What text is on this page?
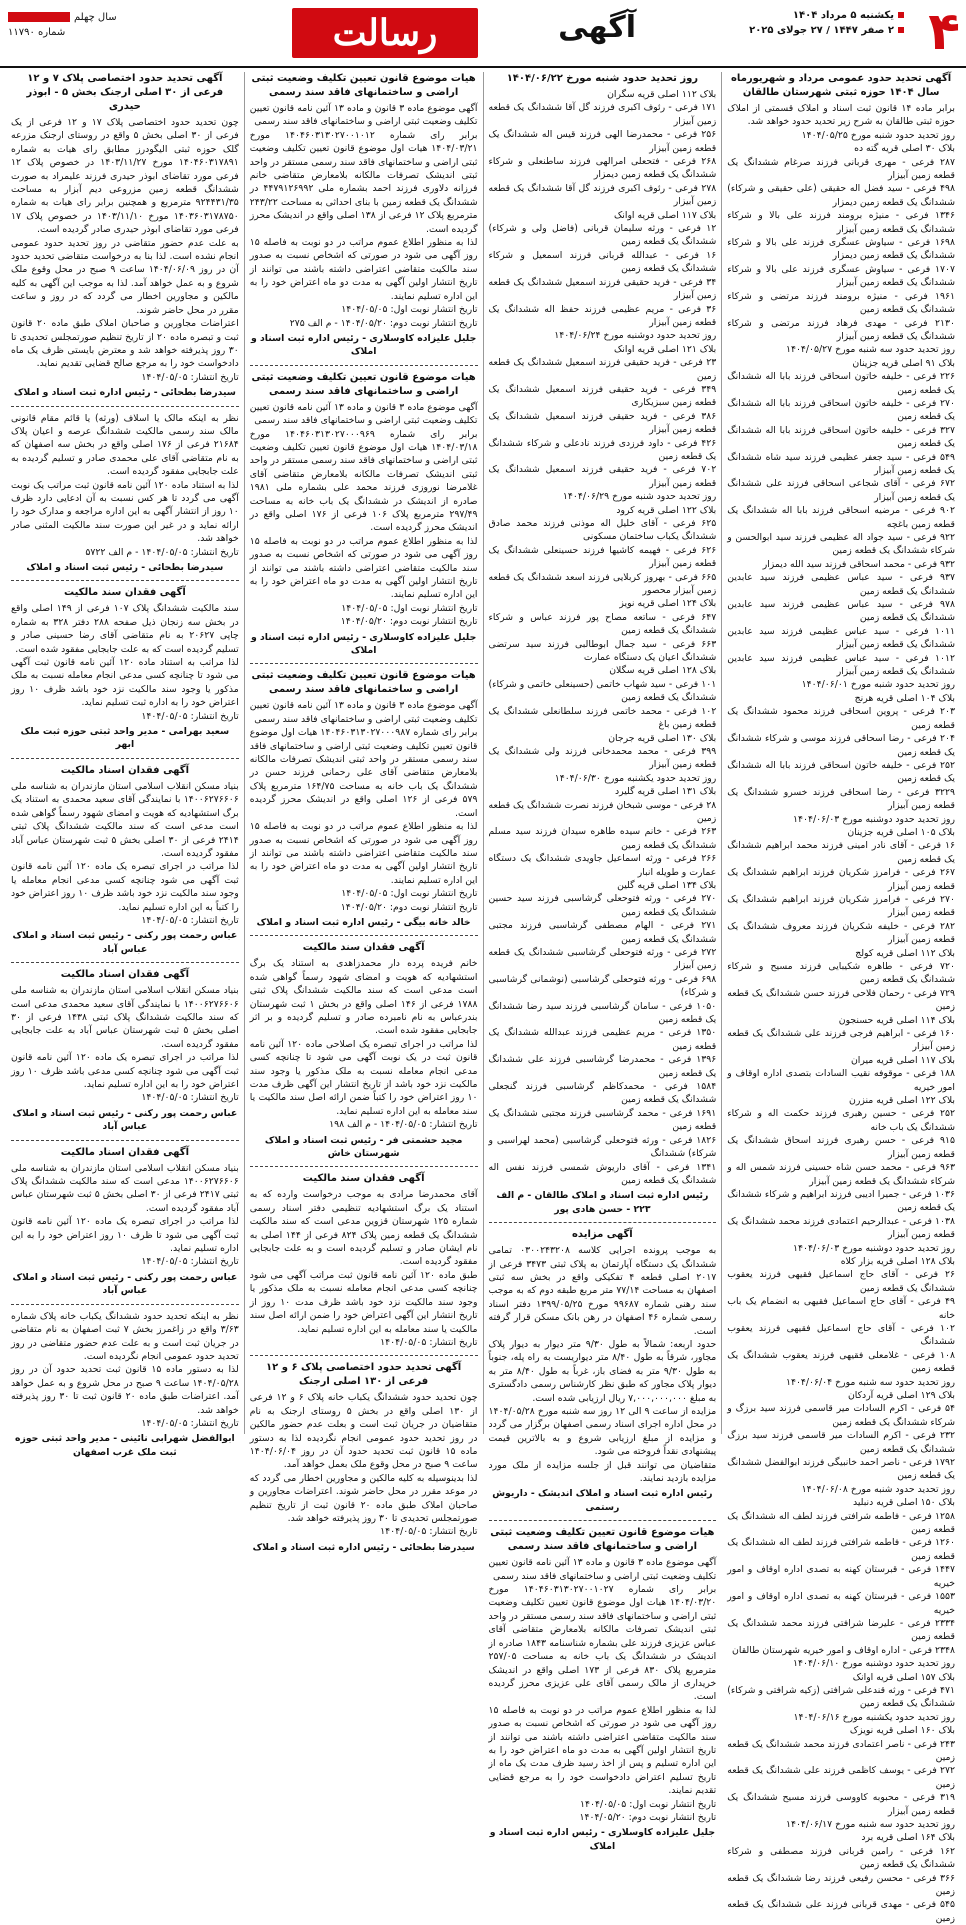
۴
یکشنبه ۵ مرداد ۱۴۰۴
۲ صفر ۱۴۴۷ / ۲۷ جولای ۲۰۲۵
آگهی
رسالت
سال چهلم
شماره ۱۱۷۹۰
آگهی تحدید حدود عمومی مرداد و شهریورماه سال ۱۴۰۴ حوزه ثبتی شهرستان طالقان

برابر ماده ۱۴ قانون ثبت اسناد و املاک قسمتی از املاک حوزه ثبتی طالقان به شرح زیر تحدید حدود خواهد شد.

روز تحدید حدود شنبه مورخ ۱۴۰۴/۰۵/۲۵

بلاک ۳۰ اصلی قریه گته ده

۲۸۷ فرعی - مهری قربانی فرزند صرغام ششدانگ یک قطعه زمین آبیزار

۴۹۸ فرعی - سید فضل اله حقیقی (علی حقیقی و شرکاء) ششدانگ یک قطعه زمین دیمزار

۱۳۴۶ فرعی - منیژه برومند فرزند علی بالا و شرکاء ششدانگ یک قطعه زمین آبیزار

۱۶۹۸ فرعی - سیاوش عسگری فرزند علی بالا و شرکاء ششدانگ یک قطعه زمین دیمزار

۱۷۰۷ فرعی - سیاوش عسگری فرزند علی بالا و شرکاء ششدانگ یک قطعه زمین آبیزار

۱۹۶۱ فرعی - منیژه برومند فرزند مرتضی و شرکاء ششدانگ یک قطعه زمین

۲۱۳۰ فرعی - مهدی فرهاد فرزند مرتضی و شرکاء ششدانگ یک قطعه زمین آبیزار

روز تحدید حدود سه شنبه مورخ ۱۴۰۴/۰۵/۲۷

بلاک ۹۱ اصلی قریه جزینان

۲۲۶ فرعی - خلیفه خاتون اسحاقی فرزند بابا اله ششدانگ یک قطعه زمین

۲۷۰ فرعی - خلیفه خاتون اسحاقی فرزند بابا اله ششدانگ یک قطعه زمین

۳۲۷ فرعی - خلیفه خاتون اسحاقی فرزند بابا اله ششدانگ یک قطعه زمین

۵۴۹ فرعی - سید جعفر عظیمی فرزند سید شاه ششدانگ یک قطعه زمین آبیزار

۶۷۲ فرعی - آقای شجاعی اسحاقی فرزند علی ششدانگ یک قطعه زمین آبیزار

۹۰۲ فرعی - مرضیه اسحاقی فرزند بابا اله ششدانگ یک قطعه زمین باغچه

۹۲۲ فرعی - سید جواد اله عظیمی فرزند سید ابوالحسن و شرکاء ششدانگ یک قطعه زمین

۹۳۲ فرعی - محمد اسحاقی فرزند سید الله دیمزار

۹۳۷ فرعی - سید عباس عظیمی فرزند سید عابدین ششدانگ یک قطعه زمین

۹۷۸ فرعی - سید عباس عظیمی فرزند سید عابدین ششدانگ یک قطعه زمین

۱۰۱۱ فرعی - سید عباس عظیمی فرزند سید عابدین ششدانگ یک قطعه زمین آبیزار

۱۰۱۲ فرعی - سید عباس عظیمی فرزند سید عابدین ششدانگ یک قطعه زمین آبیزار

روز تحدید حدود شنبه مورخ ۱۴۰۴/۰۶/۰۱

بلاک ۱۰۴ اصلی قریه هرنج

۲۰۳ فرعی - پروین اسحاقی فرزند محمود ششدانگ یک قطعه زمین

۲۰۴ فرعی - رضا اسحاقی فرزند موسی و شرکاء ششدانگ یک قطعه زمین

۲۵۲ فرعی - خلیفه خاتون اسحاقی فرزند بابا اله ششدانگ یک قطعه زمین

۳۲۲۹ فرعی - رضا اسحاقی فرزند خسرو ششدانگ یک قطعه زمین آبیزار

روز تحدید حدود دوشنبه مورخ ۱۴۰۴/۰۶/۰۳

بلاک ۱۰۵ اصلی قریه جزینان

۱۶ فرعی - آقای نادر امینی فرزند محمد ابراهیم ششدانگ یک قطعه زمین

۲۶۷ فرعی - فرامرز شکریان فرزند ابراهیم ششدانگ یک قطعه زمین آبیزار

۲۷۰ فرعی - فرامرز شکریان فرزند ابراهیم ششدانگ یک قطعه زمین آبیزار

۲۸۲ فرعی - خلیفه شکریان فرزند معروف ششدانگ یک قطعه زمین آبیزار

بلاک ۱۱۲ اصلی قریه کولج

۷۲۰ فرعی - طاهره شکیبایی فرزند مسیح و شرکاء ششدانگ یک قطعه زمین

۷۲۹ فرعی - رحمان فلاحی فرزند حسن ششدانگ یک قطعه زمین

بلاک ۱۱۴ اصلی قریه حسنجون

۱۶۰ فرعی - ابراهیم فرجی فرزند علی ششدانگ یک قطعه زمین آبیزار

بلاک ۱۱۷ اصلی قریه میران

۱۸۸ فرعی - موقوفه نقیب السادات بتصدی اداره اوقاف و امور خیریه

بلاک ۱۲۲ اصلی قریه منزرن

۲۵۲ فرعی - حسین رهبری فرزند حکمت اله و شرکاء ششدانگ یک باب خانه

۹۱۵ فرعی - حسن رهبری فرزند اسحاق ششدانگ یک قطعه زمین آبیزار

۹۶۳ فرعی - محمد حسن شاه حسینی فرزند شمس اله و شرکاء ششدانگ یک قطعه زمین آبیزار

۱۰۳۶ فرعی - جمیرا ادیبی فرزند ابراهیم و شرکاء ششدانگ یک قطعه زمین

۱۰۳۸ فرعی - عبدالرحیم اعتمادی فرزند محمد ششدانگ یک قطعه زمین آبیزار

روز تحدید حدود دوشنبه مورخ ۱۴۰۴/۰۶/۰۳

بلاک ۱۲۸ اصلی قریه بزار کلاه

۲۶ فرعی - آقای حاج اسماعیل فقیهی فرزند یعقوب ششدانگ یک قطعه زمین

۴۹ فرعی - آقای حاج اسماعیل فقیهی به انضمام یک باب خانه

۱۰۲ فرعی - آقای حاج اسماعیل فقیهی فرزند یعقوب ششدانگ

۱۰۸ فرعی - غلامعلی فقیهی فرزند یعقوب ششدانگ یک قطعه زمین

روز تحدید حدود سه شنبه مورخ ۱۴۰۴/۰۶/۰۴

بلاک ۱۲۹ اصلی قریه آردکان

۵۴ فرعی - اکرم السادات میر قاسمی فرزند سید برزگ و شرکاء ششدانگ یک قطعه زمین

۲۳۲ فرعی - اکرم السادات میر قاسمی فرزند سید برزگ ششدانگ یک قطعه زمین

۱۷۹۲ فرعی - ناصر احمد خانبیگی فرزند ابوالفضل ششدانگ یک قطعه زمین

روز تحدید حدود شنبه مورخ ۱۴۰۴/۰۶/۰۸

بلاک ۱۵۰ اصلی قریه دنبلید

۱۲۵۸ فرعی - فاطمه شرافتی فرزند لطف اله ششدانگ یک قطعه زمین

۱۲۶۰ فرعی - فاطمه شرافتی فرزند لطف اله ششدانگ یک قطعه زمین

۱۴۴۷ فرعی - قبرستان کهنه به تصدی اداره اوقاف و امور خیریه

۱۵۵۳ فرعی - قبرستان کهنه به تصدی اداره اوقاف و امور خیریه

۲۳۳۴ فرعی - علیرضا شرافتی فرزند محمد ششدانگ یک قطعه زمین

۲۳۴۸ فرعی - اداره اوقاف و امور خیریه شهرستان طالقان

روز تحدید حدود دوشنبه مورخ ۱۴۰۴/۰۶/۱۰

بلاک ۱۵۷ اصلی قریه اوانک

۴۷۱ فرعی - ورثه قندعلی شرافتی (زکیه شرافتی و شرکاء) ششدانگ یک قطعه زمین

روز تحدید حدود یکشنبه مورخ ۱۴۰۴/۰۶/۱۶

بلاک ۱۶۰ اصلی قریه نویزک

۲۴۳ فرعی - ناصر اعتمادی فرزند محمد ششدانگ یک قطعه زمین

۲۷۲ فرعی - یوسف کاظمی فرزند علی ششدانگ یک قطعه زمین

۳۱۹ فرعی - محبوبه کاووسی فرزند مسیح ششدانگ یک قطعه زمین آبیزار

روز تحدید حدود سه شنبه مورخ ۱۴۰۴/۰۶/۱۷

بلاک ۱۶۴ اصلی قریه برد

۱۶۲ فرعی - رامین قربانی فرزند مصطفی و شرکاء ششدانگ یک قطعه زمین

۳۶۶ فرعی - محسن رفیعی فرزند رضا ششدانگ یک قطعه زمین

۵۴۵ فرعی - مهدی قربانی فرزند علی ششدانگ یک قطعه زمین

روز تحدید حدود شنبه مورخ ۱۴۰۴/۰۶/۲۲

بلاک ۱۱۲ اصلی قریه سگران

۱۷۱ فرعی - رئوف اکبری فرزند گل آقا ششدانگ یک قطعه زمین آبیزار

۲۵۶ فرعی - محمدرضا الهی فرزند قیس اله ششدانگ یک قطعه زمین آبیزار

۲۶۸ فرعی - فتحعلی امرالهی فرزند ساطنعلی و شرکاء ششدانگ یک قطعه زمین دیمزار

۲۷۸ فرعی - رئوف اکبری فرزند گل آقا ششدانگ یک قطعه زمین آبیزار

بلاک ۱۱۷ اصلی قریه اوانک

۱۲ فرعی - ورثه سلیمان قربانی (فاضل ولی و شرکاء) ششدانگ یک قطعه زمین

۱۶ فرعی - عبدالله قربانی فرزند اسمعیل و شرکاء ششدانگ یک قطعه زمین

۳۴ فرعی - فرید حقیقی فرزند اسمعیل ششدانگ یک قطعه زمین آبیزار

۳۶ فرعی - مریم عظیمی فرزند حفظ اله ششدانگ یک قطعه زمین آبیزار

روز تحدید حدود دوشنبه مورخ ۱۴۰۴/۰۶/۲۴

بلاک ۱۲۱ اصلی قریه اوانک

۲۳ فرعی - فرید حقیقی فرزند اسمعیل ششدانگ یک قطعه زمین

۳۴۹ فرعی - فرید حقیقی فرزند اسمعیل ششدانگ یک قطعه زمین سبزیکاری

۳۸۶ فرعی - فرید حقیقی فرزند اسمعیل ششدانگ یک قطعه زمین آبیزار

۴۲۶ فرعی - داود فرزدی فرزند نادعلی و شرکاء ششدانگ یک قطعه زمین

۷۰۲ فرعی - فرید حقیقی فرزند اسمعیل ششدانگ یک قطعه زمین آبیزار

روز تحدید حدود شنبه مورخ ۱۴۰۴/۰۶/۲۹

بلاک ۱۲۲ اصلی قریه کرود

۶۲۵ فرعی - آقای خلیل اله موذنی فرزند محمد صادق ششدانگ یکباب ساختمان مسکونی

۶۲۶ فرعی - فهیمه کاشیها فرزند حسینعلی ششدانگ یک قطعه زمین آبیزار

۶۶۵ فرعی - بهروز کربلایی فرزند اسعد ششدانگ یک قطعه زمین آبیزار محصور

بلاک ۱۲۴ اصلی قریه نویز

۶۴۷ فرعی - ساتعه مصاح پور فرزند عباس و شرکاء ششدانگ یک قطعه زمین

۶۶۳ فرعی - سید جمال ابوطالبی فرزند سید سرتضی ششدانگ اعیان یک دستگاه عمارت

بلاک ۱۲۸ اصلی قریه سگلان

۱۰۱ فرعی - سید شهاب خاتمی (حسینعلی خاتمی و شرکاء) ششدانگ یک قطعه زمین

۱۰۲ فرعی - محمد خاتمی فرزند سلطانعلی ششدانگ یک قطعه زمین باغ

بلاک ۱۳۰ اصلی قریه جرجان

۳۹۹ فرعی - محمد محمدخانی فرزند ولی ششدانگ یک قطعه زمین آبیزار

روز تحدید حدود یکشنبه مورخ ۱۴۰۴/۰۶/۳۰

بلاک ۱۳۱ اصلی قریه گلیرد

۲۸ فرعی - موسی شبخان فرزند نصرت ششدانگ یک قطعه زمین

۲۶۳ فرعی - خانم سیده طاهره سیدان فرزند سید مسلم ششدانگ یک قطعه زمین

۲۶۶ فرعی - ورثه اسماعیل جاویدی ششدانگ یک دستگاه عمارت و طویله انبار

بلاک ۱۳۴ اصلی قریه گلین

۲۷۰ فرعی - ورثه فتوحعلی گرشاسبی فرزند سید حسین ششدانگ یک قطعه زمین

۲۷۱ فرعی - الهام مصطفی گرشاسبی فرزند مجتبی ششدانگ یک قطعه زمین

۲۷۲ فرعی - ورثه فتوحعلی گرشاسبی ششدانگ یک قطعه زمین آبیزار

۶۹۸ فرعی - ورثه فتوحعلی گرشاسبی (نوشمانی گرشاسبی و شرکاء)

۱۰۵۰ فرعی - سامان گرشاسبی فرزند سید رضا ششدانگ یک قطعه زمین

۱۳۵۰ فرعی - مریم عظیمی فرزند عبدالله ششدانگ یک قطعه زمین

۱۳۹۶ فرعی - محمدرضا گرشاسبی فرزند علی ششدانگ یک قطعه زمین

۱۵۸۴ فرعی - محمدکاظم گرشاسبی فرزند گنجعلی ششدانگ یک قطعه زمین

۱۶۹۱ فرعی - محمد گرشاسبی فرزند مجتبی ششدانگ یک قطعه زمین

۱۸۲۶ فرعی - ورثه فتوحعلی گرشاسبی (محمد لهراسبی و شرکاء) ششدانگ

۱۳۴۱ فرعی - آقای داریوش شمسی فرزند نفس اله ششدانگ یک قطعه زمین

رئیس اداره ثبت اسناد و املاک طالقان - م الف ۲۲۳ - حسن هادی پور
آگهی مزایده

به موجب پرونده اجرایی کلاسه ۰۳۰۰۲۴۳۲۰۸ تمامی ششدانگ یک دستگاه آپارتمان به پلاک ثبتی ۳۴۷۳ فرعی از ۲۰۱۷ اصلی قطعه ۴ تفکیکی واقع در بخش سه ثبتی اصفهان به مساحت ۷۷/۱۴ متر مربع طبقه دوم که به موجب سند رهنی شماره ۹۹۶۸۷ مورخ ۱۳۹۹/۰۵/۲۵ دفتر اسناد رسمی شماره ۴۶ اصفهان در رهن بانک مسکن قرار گرفته است.

حدود اربعه: شمالاً به طول ۹/۳۰ متر دیوار به دیوار پلاک مجاور، شرقاً به طول ۸/۴۰ متر دیواریست به راه پله، جنوباً به طول ۹/۳۰ متر به فضای باز، غرباً به طول ۸/۴۰ متر به دیوار پلاک مجاور که طبق نظر کارشناس رسمی دادگستری به مبلغ ۷,۰۰۰,۰۰۰,۰۰۰ ریال ارزیابی شده است.

مزایده از ساعت ۹ الی ۱۲ روز سه شنبه مورخ ۱۴۰۴/۰۵/۲۸ در محل اداره اجرای اسناد رسمی اصفهان برگزار می گردد و مزایده از مبلغ ارزیابی شروع و به بالاترین قیمت پیشنهادی نقداً فروخته می شود.

متقاضیان می توانند قبل از جلسه مزایده از ملک مورد مزایده بازدید نمایند.

رئیس اداره ثبت اسناد و املاک اندیشک - داریوش رستمی
هیات موضوع قانون تعیین تکلیف وضعیت ثبتی اراضی و ساختمانهای فاقد سند رسمی

آگهی موضوع ماده ۳ قانون و ماده ۱۳ آئین نامه قانون تعیین تکلیف وضعیت ثبتی اراضی و ساختمانهای فاقد سند رسمی

برابر رای شماره ۱۴۰۴۶۰۳۱۳۰۲۷۰۰۱۰۲۷ مورخ ۱۴۰۴/۰۳/۲۰ هیات اول موضوع قانون تعیین تکلیف وضعیت ثبتی اراضی و ساختمانهای فاقد سند رسمی مستقر در واحد ثبتی اندیشک تصرفات مالکانه بلامعارض متقاضی آقای عباس عزیزی فرزند علی بشماره شناسنامه ۱۸۴۳ صادره از اندیشک در ششدانگ یک باب خانه به مساحت ۲۵۷/۰۵ مترمربع پلاک ۸۳۰ فرعی از ۱۷۳ اصلی واقع در اندیشک خریداری از مالک رسمی آقای علی عزیزی محرز گردیده است.

لذا به منظور اطلاع عموم مراتب در دو نوبت به فاصله ۱۵ روز آگهی می شود در صورتی که اشخاص نسبت به صدور سند مالکیت متقاضی اعتراضی داشته باشند می توانند از تاریخ انتشار اولین آگهی به مدت دو ماه اعتراض خود را به این اداره تسلیم و پس از اخذ رسید ظرف مدت یک ماه از تاریخ تسلیم اعتراض دادخواست خود را به مرجع قضایی تقدیم نمایند.

تاریخ انتشار نوبت اول: ۱۴۰۴/۰۵/۰۵

تاریخ انتشار نوبت دوم: ۱۴۰۴/۰۵/۲۰

جلیل علیزاده کاوسلاری - رئیس اداره ثبت اسناد و املاک
هیات موضوع قانون تعیین تکلیف وضعیت ثبتی اراضی و ساختمانهای فاقد سند رسمی

آگهی موضوع ماده ۳ قانون و ماده ۱۳ آئین نامه قانون تعیین تکلیف وضعیت ثبتی اراضی و ساختمانهای فاقد سند رسمی

برابر رای شماره ۱۴۰۴۶۰۳۱۳۰۲۷۰۰۱۰۱۲ مورخ ۱۴۰۴/۰۳/۲۱ هیات اول موضوع قانون تعیین تکلیف وضعیت ثبتی اراضی و ساختمانهای فاقد سند رسمی مستقر در واحد ثبتی اندیشک تصرفات مالکانه بلامعارض متقاضی خانم فرزانه دلاوری فرزند احمد بشماره ملی ۴۴۷۹۱۲۶۹۹۲ در ششدانگ یک قطعه زمین با بنای احداثی به مساحت ۲۴۳/۲۲ مترمربع پلاک ۱۲ فرعی از ۱۳۸ اصلی واقع در اندیشک محرز گردیده است.

لذا به منظور اطلاع عموم مراتب در دو نوبت به فاصله ۱۵ روز آگهی می شود در صورتی که اشخاص نسبت به صدور سند مالکیت متقاضی اعتراضی داشته باشند می توانند از تاریخ انتشار اولین آگهی به مدت دو ماه اعتراض خود را به این اداره تسلیم نمایند.

تاریخ انتشار نوبت اول: ۱۴۰۴/۰۵/۰۵

تاریخ انتشار نوبت دوم: ۱۴۰۴/۰۵/۲۰ - م الف ۲۷۵

جلیل علیزاده کاوسلاری - رئیس اداره ثبت اسناد و املاک
هیات موضوع قانون تعیین تکلیف وضعیت ثبتی اراضی و ساختمانهای فاقد سند رسمی

آگهی موضوع ماده ۳ قانون و ماده ۱۳ آئین نامه قانون تعیین تکلیف وضعیت ثبتی اراضی و ساختمانهای فاقد سند رسمی

برابر رای شماره ۱۴۰۴۶۰۳۱۳۰۲۷۰۰۰۹۶۹ مورخ ۱۴۰۴/۰۳/۱۸ هیات اول موضوع قانون تعیین تکلیف وضعیت ثبتی اراضی و ساختمانهای فاقد سند رسمی مستقر در واحد ثبتی اندیشک تصرفات مالکانه بلامعارض متقاضی آقای غلامرضا نوروزی فرزند محمد علی بشماره ملی ۱۹۸۱ صادره از اندیشک در ششدانگ یک باب خانه به مساحت ۲۹۷/۴۹ مترمربع پلاک ۱۰۶ فرعی از ۱۷۶ اصلی واقع در اندیشک محرز گردیده است.

لذا به منظور اطلاع عموم مراتب در دو نوبت به فاصله ۱۵ روز آگهی می شود در صورتی که اشخاص نسبت به صدور سند مالکیت متقاضی اعتراضی داشته باشند می توانند از تاریخ انتشار اولین آگهی به مدت دو ماه اعتراض خود را به این اداره تسلیم نمایند.

تاریخ انتشار نوبت اول: ۱۴۰۴/۰۵/۰۵

تاریخ انتشار نوبت دوم: ۱۴۰۴/۰۵/۲۰

جلیل علیزاده کاوسلاری - رئیس اداره ثبت اسناد و املاک
هیات موضوع قانون تعیین تکلیف وضعیت ثبتی اراضی و ساختمانهای فاقد سند رسمی

آگهی موضوع ماده ۳ قانون و ماده ۱۳ آئین نامه قانون تعیین تکلیف وضعیت ثبتی اراضی و ساختمانهای فاقد سند رسمی

برابر رای شماره ۱۴۰۴۶۰۳۱۳۰۲۷۰۰۰۹۸۷ هیات اول موضوع قانون تعیین تکلیف وضعیت ثبتی اراضی و ساختمانهای فاقد سند رسمی مستقر در واحد ثبتی اندیشک تصرفات مالکانه بلامعارض متقاضی آقای علی رحمانی فرزند حسن در ششدانگ یک باب خانه به مساحت ۱۶۴/۷۵ مترمربع پلاک ۵۷۹ فرعی از ۱۲۶ اصلی واقع در اندیشک محرز گردیده است.

لذا به منظور اطلاع عموم مراتب در دو نوبت به فاصله ۱۵ روز آگهی می شود در صورتی که اشخاص نسبت به صدور سند مالکیت متقاضی اعتراضی داشته باشند می توانند از تاریخ انتشار اولین آگهی به مدت دو ماه اعتراض خود را به این اداره تسلیم نمایند.

تاریخ انتشار نوبت اول: ۱۴۰۴/۰۵/۰۵

تاریخ انتشار نوبت دوم: ۱۴۰۴/۰۵/۲۰

خالد خانه بیگی - رئیس اداره ثبت اسناد و املاک
آگهی فقدان سند مالکیت

خانم فریده پرده دار محمدزاهدی به استناد یک برگ استشهادیه که هویت و امضای شهود رسماً گواهی شده است مدعی است که سند مالکیت ششدانگ پلاک ثبتی ۱۷۸۸ فرعی از ۱۴۶ اصلی واقع در بخش ۱ ثبت شهرستان بندرعباس به نام نامبرده صادر و تسلیم گردیده و بر اثر جابجایی مفقود شده است.

لذا مراتب در اجرای تبصره یک اصلاحی ماده ۱۲۰ آئین نامه قانون ثبت در یک نوبت آگهی می شود تا چنانچه کسی مدعی انجام معامله نسبت به ملک مذکور یا وجود سند مالکیت نزد خود باشد از تاریخ انتشار این آگهی ظرف مدت ۱۰ روز اعتراض خود را کتباً ضمن ارائه اصل سند مالکیت یا سند معامله به این اداره تسلیم نماید.

تاریخ انتشار: ۱۴۰۴/۰۵/۰۵ - م الف ۱۹۸

مجید حشمتی فر - رئیس ثبت اسناد و املاک شهرستان خاش
آگهی فقدان سند مالکیت

آقای محمدرضا مرادی به موجب درخواست وارده که به استناد یک برگ استشهادیه تنظیمی دفتر اسناد رسمی شماره ۱۲۵ شهرستان قزوین مدعی است که سند مالکیت ششدانگ یک قطعه زمین پلاک ۸۲۴ فرعی از ۱۴۴ اصلی به نام ایشان صادر و تسلیم گردیده است و به علت جابجایی مفقود گردیده است.

طبق ماده ۱۲۰ آئین نامه قانون ثبت مراتب آگهی می شود چنانچه کسی مدعی انجام معامله نسبت به ملک مذکور یا وجود سند مالکیت نزد خود باشد ظرف مدت ۱۰ روز از تاریخ انتشار این آگهی اعتراض خود را ضمن ارائه اصل سند مالکیت یا سند معامله به این اداره تسلیم نماید.

تاریخ انتشار: ۱۴۰۴/۰۵/۰۵

آگهی تحدید حدود اختصاصی پلاک ۶ و ۱۲ فرعی از ۱۳۰ اصلی ارجنک

چون تحدید حدود ششدانگ یکباب خانه پلاک ۶ و ۱۲ فرعی از ۱۳۰ اصلی واقع در بخش ۵ روستای ارجنک به نام متقاضیان در جریان ثبت است و بعلت عدم حضور مالکین در روز تحدید حدود عمومی انجام نگردیده لذا به دستور ماده ۱۵ قانون ثبت تحدید حدود آن در روز ۱۴۰۴/۰۶/۰۴ ساعت ۹ صبح در محل وقوع ملک بعمل خواهد آمد.

لذا بدینوسیله به کلیه مالکین و مجاورین اخطار می گردد که در موعد مقرر در محل حاضر شوند. اعتراضات مجاورین و صاحبان املاک طبق ماده ۲۰ قانون ثبت از تاریخ تنظیم صورتمجلس تحدیدی تا ۳۰ روز پذیرفته خواهد شد.

تاریخ انتشار: ۱۴۰۴/۰۵/۰۵

سیدرضا بطحائی - رئیس اداره ثبت اسناد و املاک
آگهی تحدید حدود اختصاصی پلاک ۷ و ۱۲ فرعی از ۳۰ اصلی ارجنک بخش ۵ - ابوذر حیدری

چون تحدید حدود اختصاصی پلاک ۱۷ و ۱۲ فرعی از یک فرعی از ۳۰ اصلی بخش ۵ واقع در روستای ارجنک مزرعه گلک حوزه ثبتی الیگودرز مطابق رای هیات به شماره ۱۴۰۴۶۰۳۱۷۸۹۱ مورخ ۱۴۰۳/۱۱/۲۷ در خصوص پلاک ۱۲ فرعی مورد تقاضای ابوذر حیدری فرزند علیمراد به صورت ششدانگ قطعه زمین مزروعی دیم آبزار به مساحت ۹۲۴۴۳۱/۳۵ مترمربع و همچنین برابر رای هیات به شماره ۱۴۰۳۶۰۳۱۷۸۷۵۰ مورخ ۱۴۰۳/۱۱/۱۰ در خصوص پلاک ۱۷ فرعی مورد تقاضای ابوذر حیدری صادر گردیده است.

به علت عدم حضور متقاضی در روز تحدید حدود عمومی انجام نشده است. لذا بنا به درخواست متقاضی تحدید حدود آن در روز ۱۴۰۴/۰۶/۰۹ ساعت ۹ صبح در محل وقوع ملک شروع و به عمل خواهد آمد. لذا به موجب این آگهی به کلیه مالکین و مجاورین اخطار می گردد که در روز و ساعت مقرر در محل حاضر شوند.

اعتراضات مجاورین و صاحبان املاک طبق ماده ۲۰ قانون ثبت و تبصره ماده ۲۰ از تاریخ تنظیم صورتمجلس تحدیدی تا ۳۰ روز پذیرفته خواهد شد و معترض بایستی ظرف یک ماه دادخواست خود را به مرجع صالح قضایی تقدیم نماید.

تاریخ انتشار: ۱۴۰۴/۰۵/۰۵

سیدرضا بطحائی - رئیس اداره ثبت اسناد و املاک

نظر به اینکه مالک یا اسلاف (ورثه) یا قائم مقام قانونی مالک سند رسمی مالکیت ششدانگ عرصه و اعیان پلاک ۲۱۶۸۴ فرعی از ۱۷۶ اصلی واقع در بخش سه اصفهان که به نام متقاضی آقای علی محمدی صادر و تسلیم گردیده به علت جابجایی مفقود گردیده است.

لذا به استناد ماده ۱۲۰ آئین نامه قانون ثبت مراتب یک نوبت آگهی می گردد تا هر کس نسبت به آن ادعایی دارد ظرف ۱۰ روز از انتشار آگهی به این اداره مراجعه و مدارک خود را ارائه نماید و در غیر این صورت سند مالکیت المثنی صادر خواهد شد.

تاریخ انتشار: ۱۴۰۴/۰۵/۰۵ - م الف ۵۷۲۲

سیدرضا بطحائی - رئیس ثبت اسناد و املاک
آگهی فقدان سند مالکیت

سند مالکیت ششدانگ پلاک ۱۰۷ فرعی از ۱۴۹ اصلی واقع در بخش سه زنجان ذیل صفحه ۲۸۸ دفتر ۳۲۸ به شماره چاپی ۲۰۶۲۷ به نام متقاضی آقای رضا حسینی صادر و تسلیم گردیده است که به علت جابجایی مفقود شده است.

لذا مراتب به استناد ماده ۱۲۰ آئین نامه قانون ثبت آگهی می شود تا چنانچه کسی مدعی انجام معامله نسبت به ملک مذکور یا وجود سند مالکیت نزد خود باشد ظرف ۱۰ روز اعتراض خود را به اداره ثبت تسلیم نماید.

تاریخ انتشار: ۱۴۰۴/۰۵/۰۵

سعید بهرامی - مدیر واحد ثبتی حوزه ثبت ملک ابهر
آگهی فقدان اسناد مالکیت

بنیاد مسکن انقلاب اسلامی استان مازندران به شناسه ملی ۱۴۰۰۶۲۷۶۶۰۶ با نمایندگی آقای سعید محمدی به استناد یک برگ استشهادیه که هویت و امضای شهود رسماً گواهی شده است مدعی است که سند مالکیت ششدانگ پلاک ثبتی ۲۴۱۴ فرعی از ۳۰ اصلی بخش ۵ ثبت شهرستان عباس آباد مفقود گردیده است.

لذا مراتب در اجرای تبصره یک ماده ۱۲۰ آئین نامه قانون ثبت آگهی می شود چنانچه کسی مدعی انجام معامله یا وجود سند مالکیت نزد خود باشد ظرف ۱۰ روز اعتراض خود را کتباً به این اداره تسلیم نماید.

تاریخ انتشار: ۱۴۰۴/۰۵/۰۵

عباس رحمت پور رکنی - رئیس ثبت اسناد و املاک عباس آباد
آگهی فقدان اسناد مالکیت

بنیاد مسکن انقلاب اسلامی استان مازندران به شناسه ملی ۱۴۰۰۶۲۷۶۶۰۶ با نمایندگی آقای سعید محمدی مدعی است که سند مالکیت ششدانگ پلاک ثبتی ۱۴۳۸ فرعی از ۳۰ اصلی بخش ۵ ثبت شهرستان عباس آباد به علت جابجایی مفقود گردیده است.

لذا مراتب در اجرای تبصره یک ماده ۱۲۰ آئین نامه قانون ثبت آگهی می شود چنانچه کسی مدعی باشد ظرف ۱۰ روز اعتراض خود را به این اداره تسلیم نماید.

تاریخ انتشار: ۱۴۰۴/۰۵/۰۵

عباس رحمت پور رکنی - رئیس ثبت اسناد و املاک عباس آباد
آگهی فقدان اسناد مالکیت

بنیاد مسکن انقلاب اسلامی استان مازندران به شناسه ملی ۱۴۰۰۶۲۷۶۶۰۶ مدعی است که سند مالکیت ششدانگ پلاک ثبتی ۲۴۱۷ فرعی از ۳۰ اصلی بخش ۵ ثبت شهرستان عباس آباد مفقود گردیده است.

لذا مراتب در اجرای تبصره یک ماده ۱۲۰ آئین نامه قانون ثبت آگهی می شود تا ظرف ۱۰ روز اعتراض خود را به این اداره تسلیم نماید.

تاریخ انتشار: ۱۴۰۴/۰۵/۰۵

عباس رحمت پور رکنی - رئیس ثبت اسناد و املاک عباس آباد

نظر به اینکه تحدید حدود ششدانگ یکباب خانه پلاک شماره ۳/۶۳ واقع در زاغمرز بخش ۷ ثبت اصفهان به نام متقاضی در جریان ثبت است و به علت عدم حضور متقاضی در روز تحدید حدود عمومی انجام نگردیده است.

لذا به دستور ماده ۱۵ قانون ثبت تحدید حدود آن در روز ۱۴۰۴/۰۵/۲۸ ساعت ۹ صبح در محل شروع و به عمل خواهد آمد. اعتراضات طبق ماده ۲۰ قانون ثبت تا ۳۰ روز پذیرفته خواهد شد.

تاریخ انتشار: ۱۴۰۴/۰۵/۰۵

ابوالفضل شهرابی نائینی - مدیر واحد ثبتی حوزه ثبت ملک غرب اصفهان
